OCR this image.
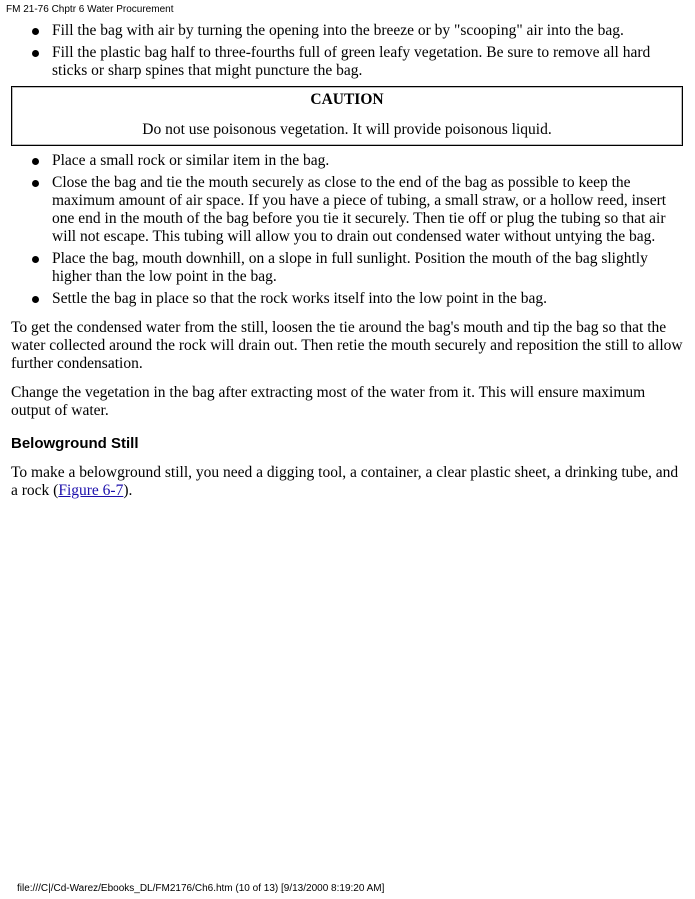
FM 21-76 Chptr 6 Water Procurement
Fill the bag with air by turning the opening into the breeze or by "scooping" air into the bag.
Fill the plastic bag half to three-fourths full of green leafy vegetation. Be sure to remove all hard sticks or sharp spines that might puncture the bag.
CAUTION
Do not use poisonous vegetation. It will provide poisonous liquid.
Place a small rock or similar item in the bag.
Close the bag and tie the mouth securely as close to the end of the bag as possible to keep the maximum amount of air space. If you have a piece of tubing, a small straw, or a hollow reed, insert one end in the mouth of the bag before you tie it securely. Then tie off or plug the tubing so that air will not escape. This tubing will allow you to drain out condensed water without untying the bag.
Place the bag, mouth downhill, on a slope in full sunlight. Position the mouth of the bag slightly higher than the low point in the bag.
Settle the bag in place so that the rock works itself into the low point in the bag.

To get the condensed water from the still, loosen the tie around the bag's mouth and tip the bag so that the water collected around the rock will drain out. Then retie the mouth securely and reposition the still to allow further condensation.

Change the vegetation in the bag after extracting most of the water from it. This will ensure maximum output of water.

Belowground Still

To make a belowground still, you need a digging tool, a container, a clear plastic sheet, a drinking tube, and a rock (Figure 6-7).

file:///C|/Cd-Warez/Ebooks_DL/FM2176/Ch6.htm (10 of 13) [9/13/2000 8:19:20 AM]
